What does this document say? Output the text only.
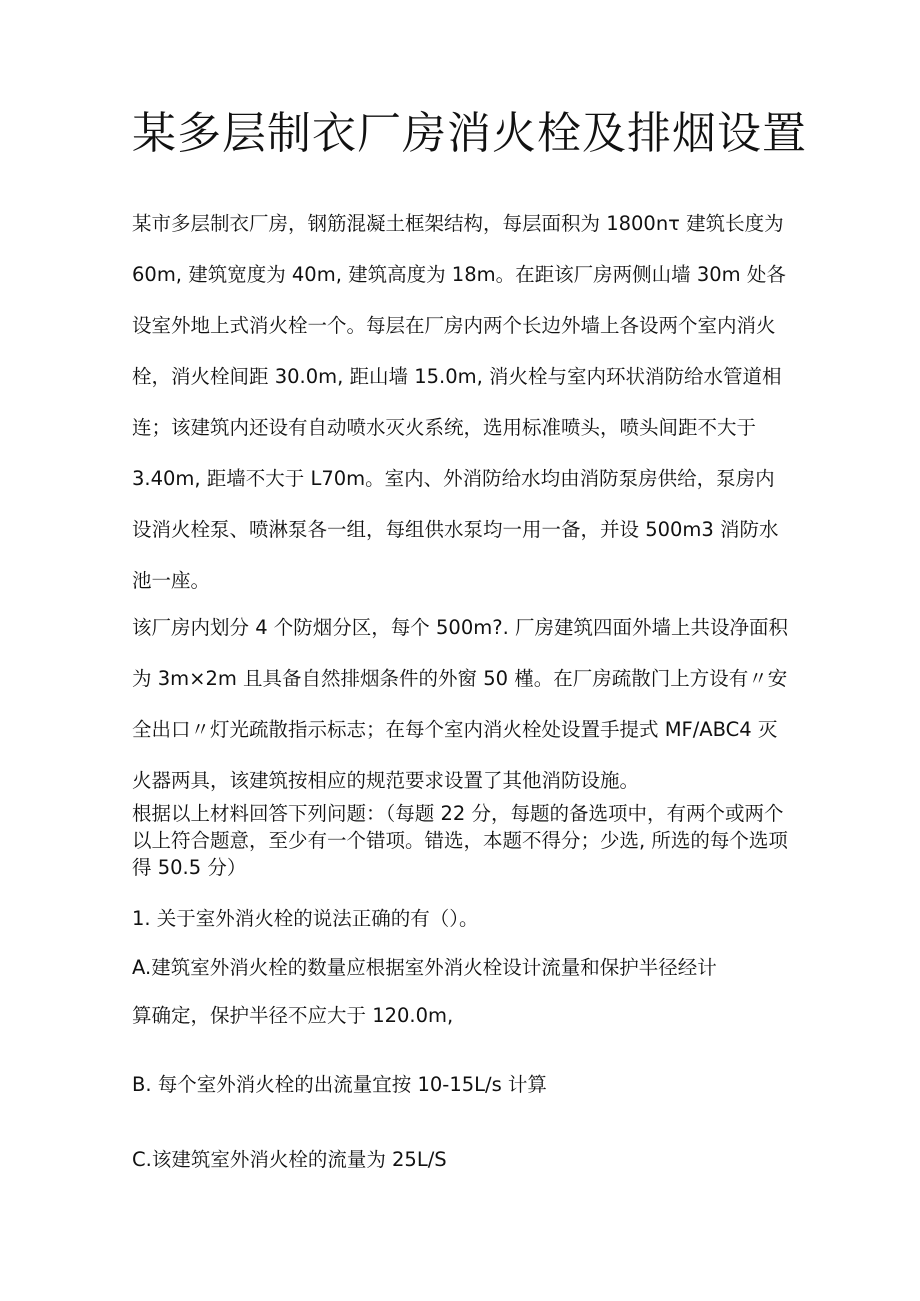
某多层制衣厂房消火栓及排烟设置

某市多层制衣厂房，钢筋混凝土框架结构，每层面积为 1800nτ 建筑长度为 60m, 建筑宽度为 40m, 建筑高度为 18m。在距该厂房两侧山墙 30m 处各设室外地上式消火栓一个。每层在厂房内两个长边外墙上各设两个室内消火栓，消火栓间距 30.0m, 距山墙 15.0m, 消火栓与室内环状消防给水管道相连；该建筑内还设有自动喷水灭火系统，选用标准喷头，喷头间距不大于 3.40m, 距墙不大于 L70m。室内、外消防给水均由消防泵房供给，泵房内设消火栓泵、喷淋泵各一组，每组供水泵均一用一备，并设 500m3 消防水池一座。

该厂房内划分 4 个防烟分区，每个 500m?. 厂房建筑四面外墙上共设净面积为 3m×2m 且具备自然排烟条件的外窗 50 槿。在厂房疏散门上方设有〃安全出口〃灯光疏散指示标志；在每个室内消火栓处设置手提式 MF/ABC4 灭火器两具，该建筑按相应的规范要求设置了其他消防设施。

根据以上材料回答下列问题：（每题 22 分，每题的备选项中，有两个或两个以上符合题意，至少有一个错项。错选，本题不得分；少选, 所选的每个选项得 50.5 分）

1. 关于室外消火栓的说法正确的有（）。

A.建筑室外消火栓的数量应根据室外消火栓设计流量和保护半径经计

算确定，保护半径不应大于 120.0m,

B. 每个室外消火栓的出流量宜按 10-15L∕s 计算

C.该建筑室外消火栓的流量为 25L/S
